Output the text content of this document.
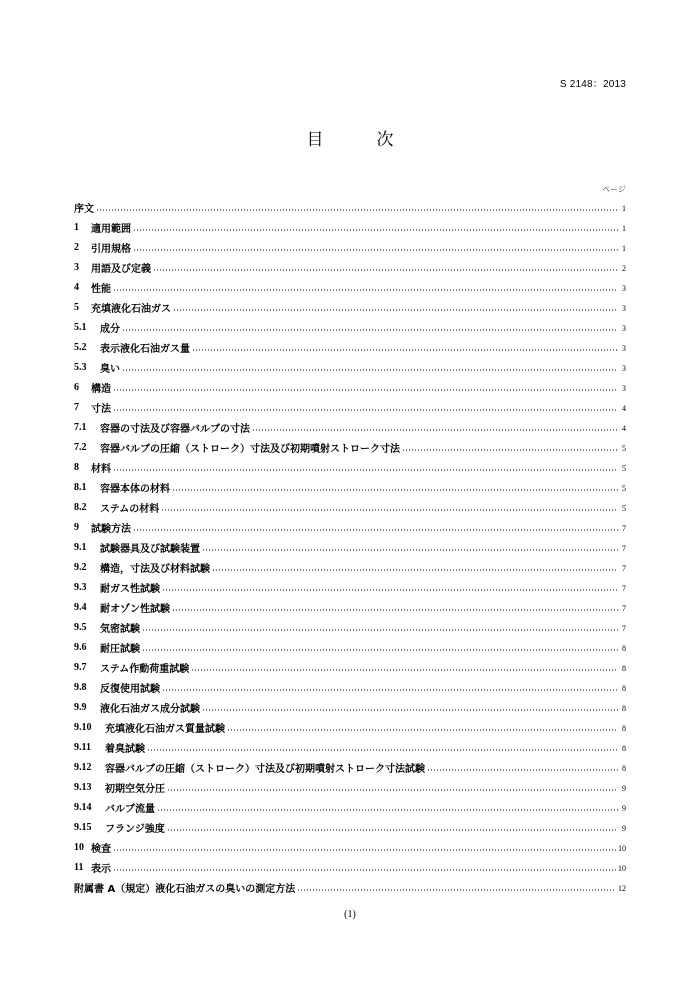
S 2148：2013
目　次
ページ
序文	1
1	適用範囲	1
2	引用規格	1
3	用語及び定義	2
4	性能	3
5	充填液化石油ガス	3
5.1	成分	3
5.2	表示液化石油ガス量	3
5.3	臭い	3
6	構造	3
7	寸法	4
7.1	容器の寸法及び容器バルブの寸法	4
7.2	容器バルブの圧縮（ストローク）寸法及び初期噴射ストローク寸法	5
8	材料	5
8.1	容器本体の材料	5
8.2	ステムの材料	5
9	試験方法	7
9.1	試験器具及び試験装置	7
9.2	構造，寸法及び材料試験	7
9.3	耐ガス性試験	7
9.4	耐オゾン性試験	7
9.5	気密試験	7
9.6	耐圧試験	8
9.7	ステム作動荷重試験	8
9.8	反復使用試験	8
9.9	液化石油ガス成分試験	8
9.10	充填液化石油ガス質量試験	8
9.11	着臭試験	8
9.12	容器バルブの圧縮（ストローク）寸法及び初期噴射ストローク寸法試験	8
9.13	初期空気分圧	9
9.14	バルブ流量	9
9.15	フランジ強度	9
10 検査	10
11 表示	10
附属書 A（規定）液化石油ガスの臭いの測定方法	12
(1)
